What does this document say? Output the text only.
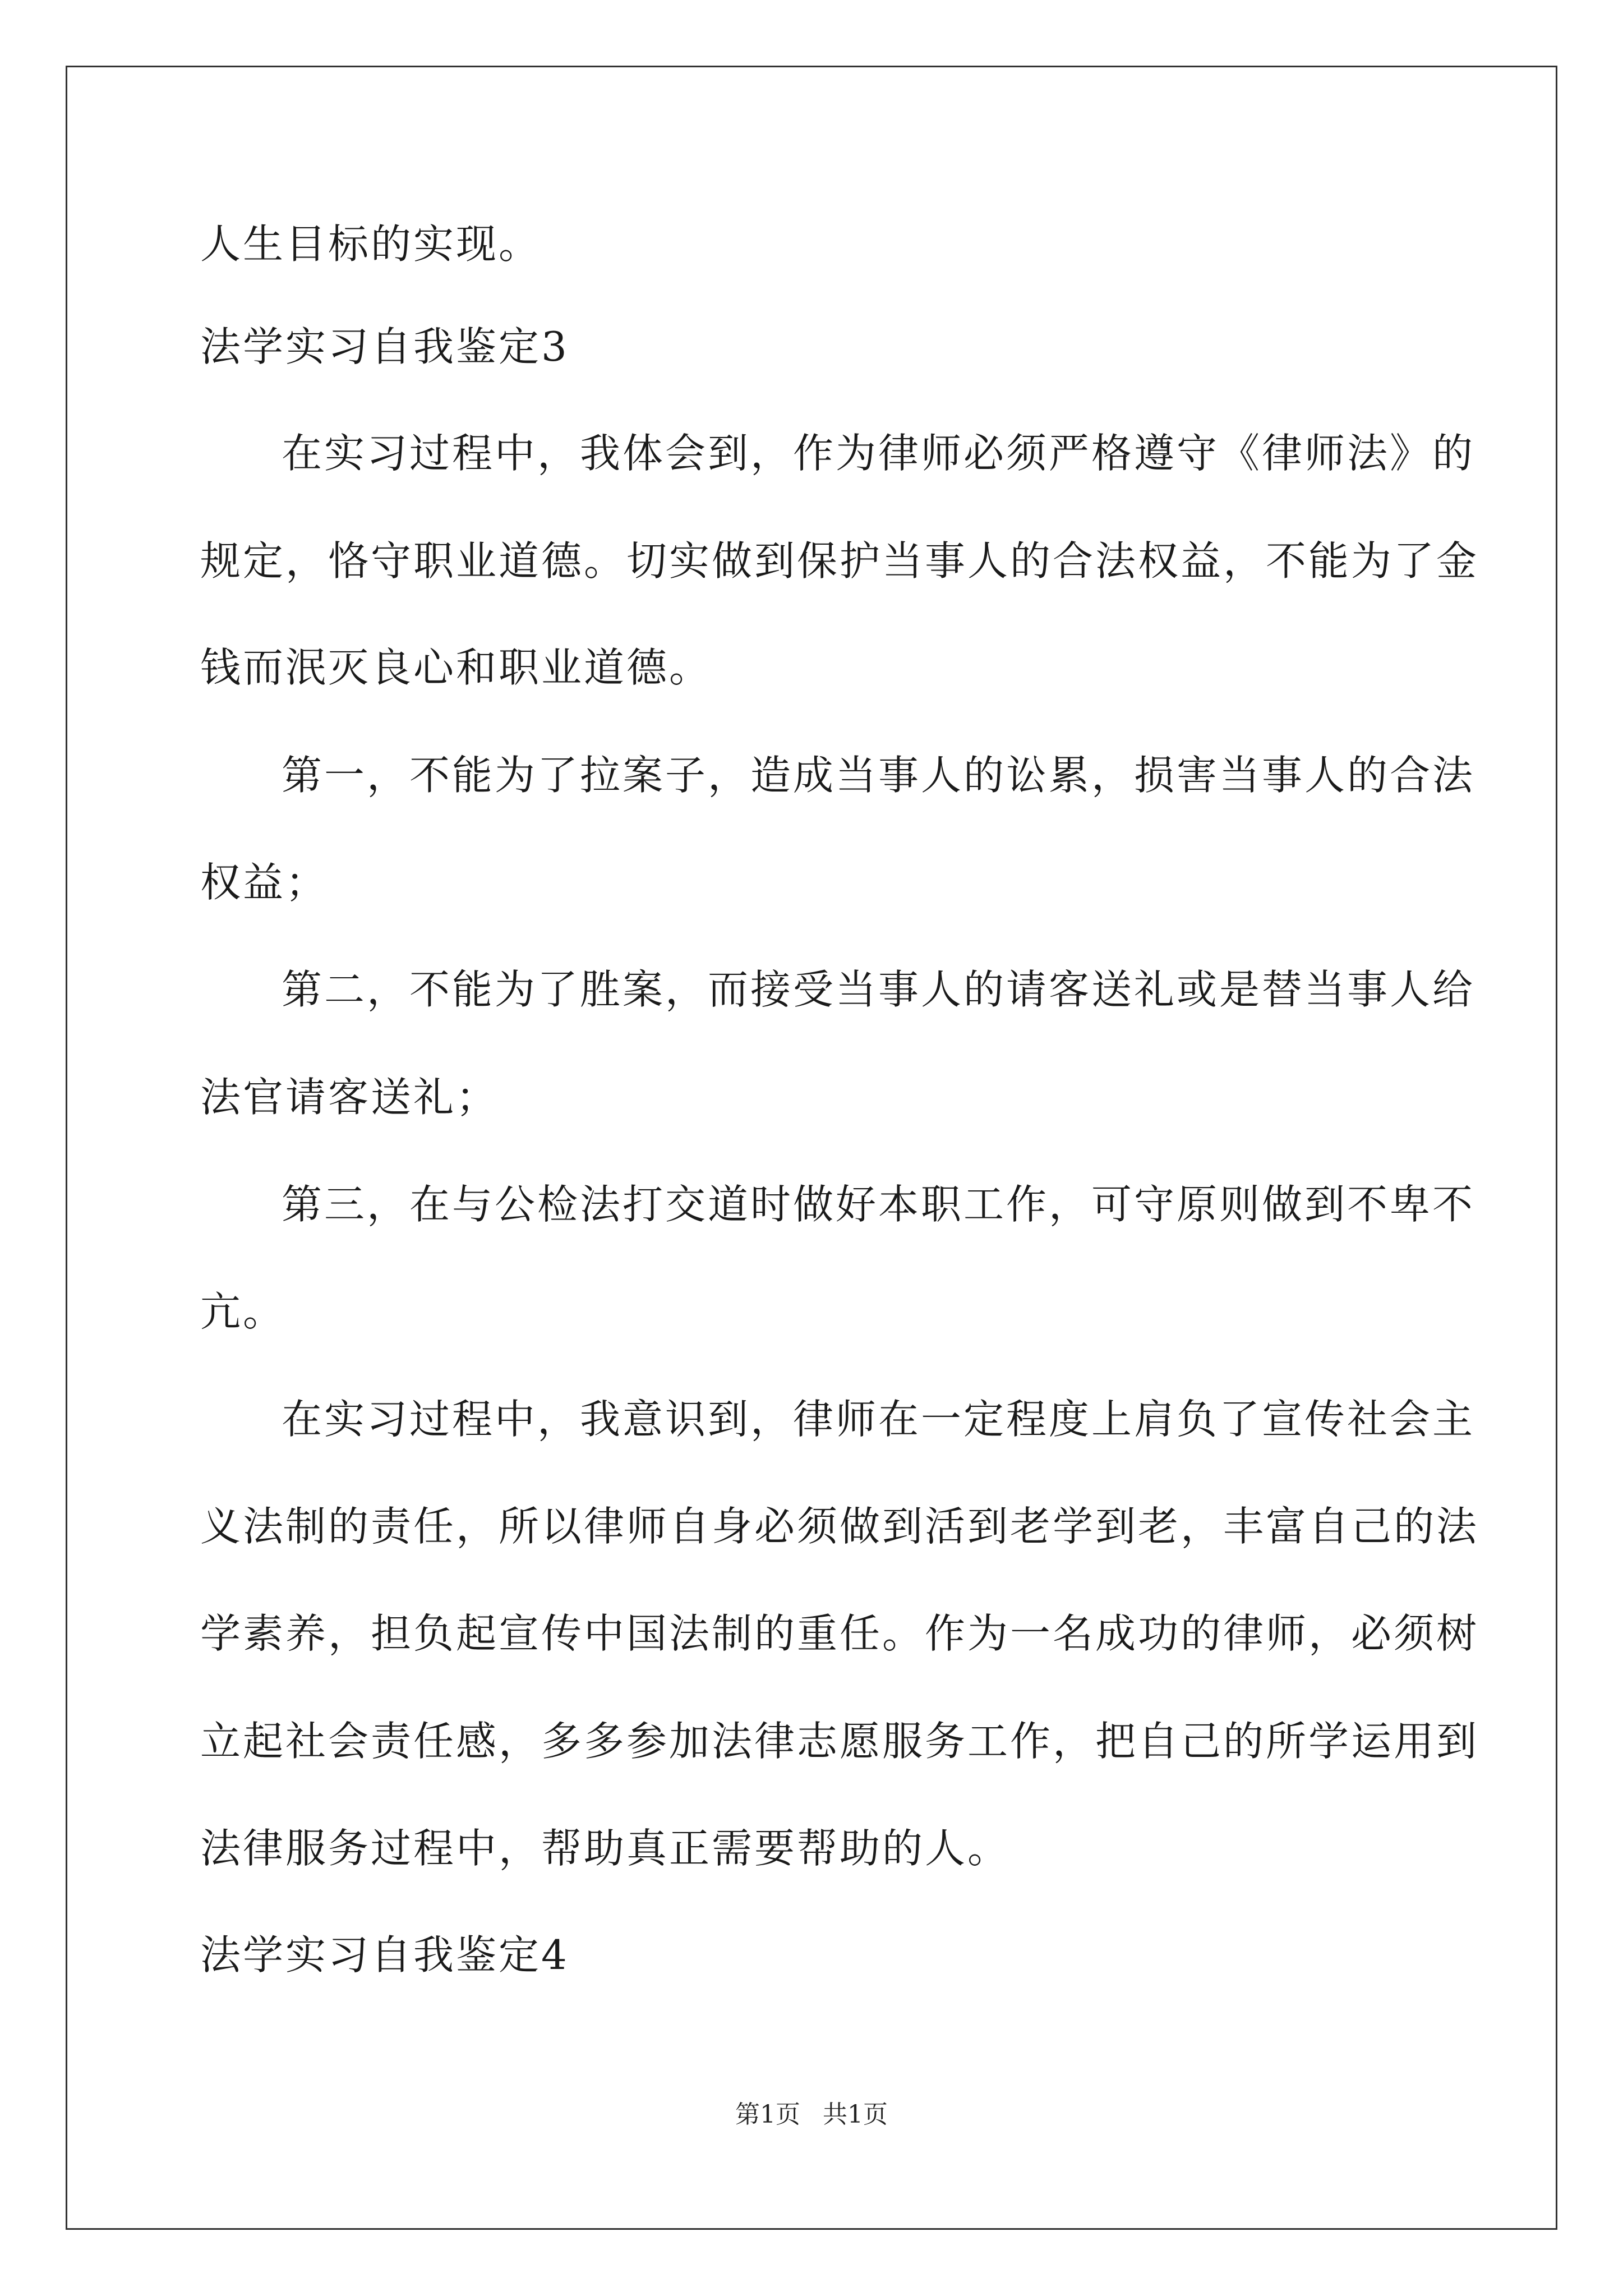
人生目标的实现。

法学实习自我鉴定3

在实习过程中，我体会到，作为律师必须严格遵守《律师法》的

规定，恪守职业道德。切实做到保护当事人的合法权益，不能为了金

钱而泯灭良心和职业道德。

第一，不能为了拉案子，造成当事人的讼累，损害当事人的合法

权益；

第二，不能为了胜案，而接受当事人的请客送礼或是替当事人给

法官请客送礼；

第三，在与公检法打交道时做好本职工作，可守原则做到不卑不

亢。

在实习过程中，我意识到，律师在一定程度上肩负了宣传社会主

义法制的责任，所以律师自身必须做到活到老学到老，丰富自己的法

学素养，担负起宣传中国法制的重任。作为一名成功的律师，必须树

立起社会责任感，多多参加法律志愿服务工作，把自己的所学运用到

法律服务过程中，帮助真正需要帮助的人。

法学实习自我鉴定4

第1页 共1页
